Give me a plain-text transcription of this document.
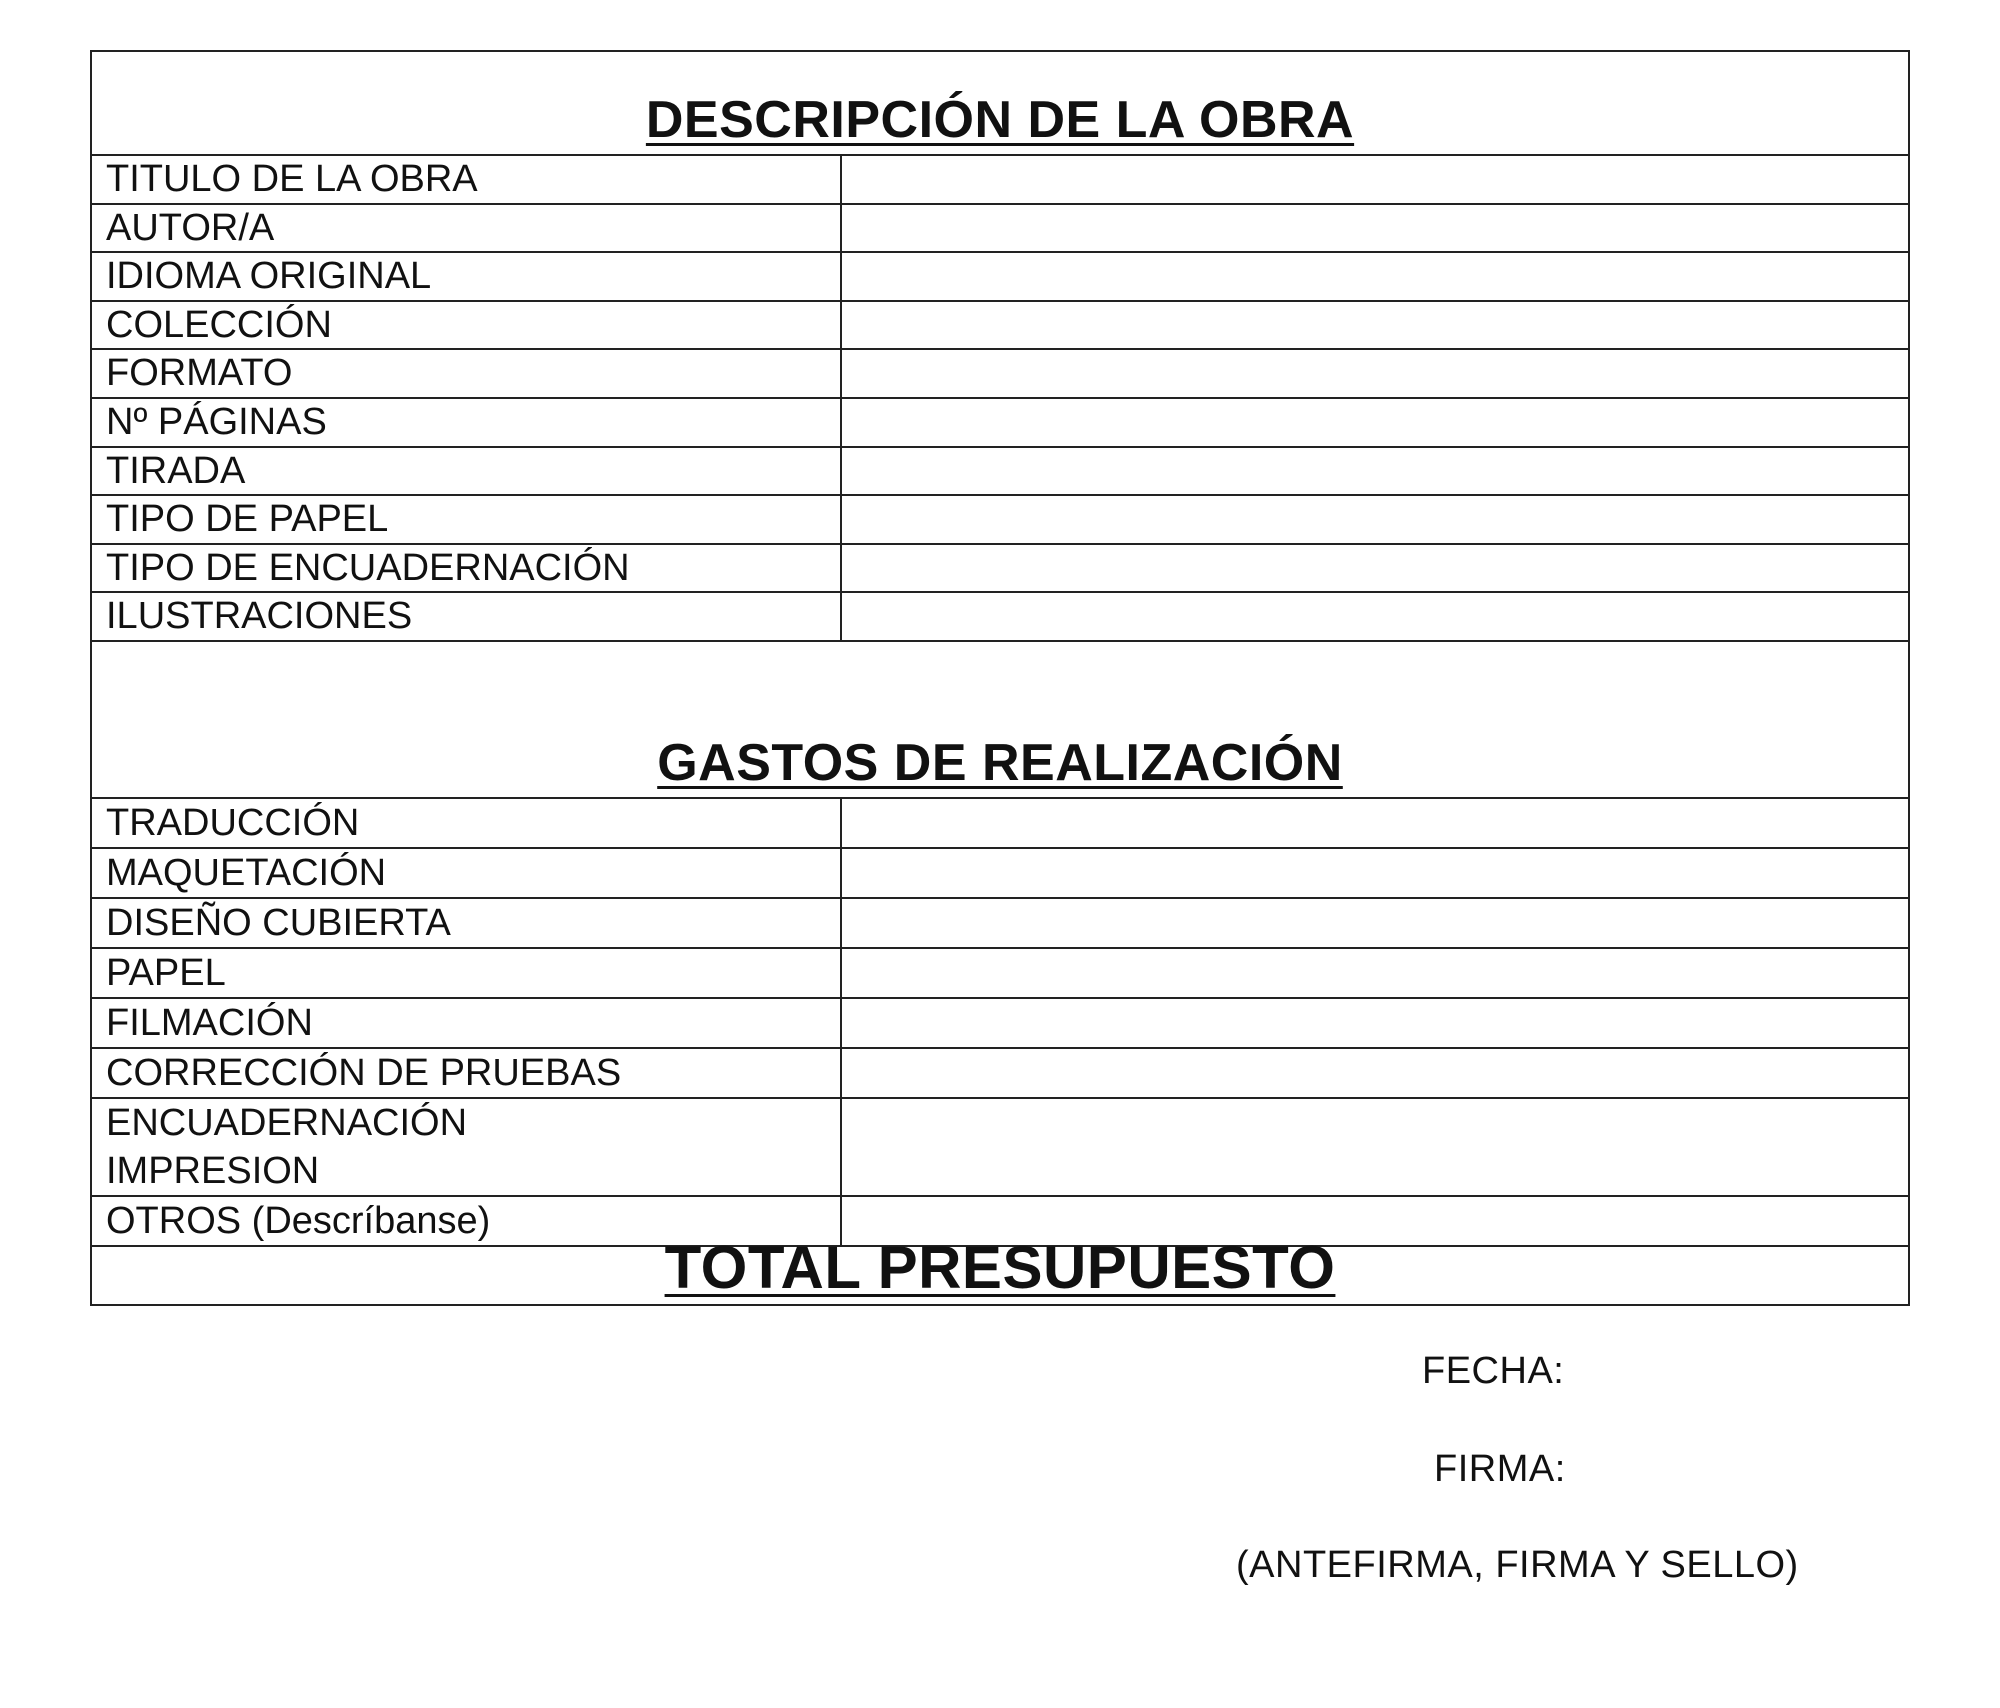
DESCRIPCIÓN DE LA OBRA
TITULO DE LA OBRA
AUTOR/A
IDIOMA ORIGINAL
COLECCIÓN
FORMATO
Nº PÁGINAS
TIRADA
TIPO DE PAPEL
TIPO DE ENCUADERNACIÓN
ILUSTRACIONES
GASTOS DE REALIZACIÓN
TRADUCCIÓN
MAQUETACIÓN
DISEÑO CUBIERTA
PAPEL
FILMACIÓN
CORRECCIÓN DE PRUEBAS
ENCUADERNACIÓN
IMPRESION
OTROS (Descríbanse)
TOTAL PRESUPUESTO
FECHA:
FIRMA:
(ANTEFIRMA, FIRMA Y SELLO)
